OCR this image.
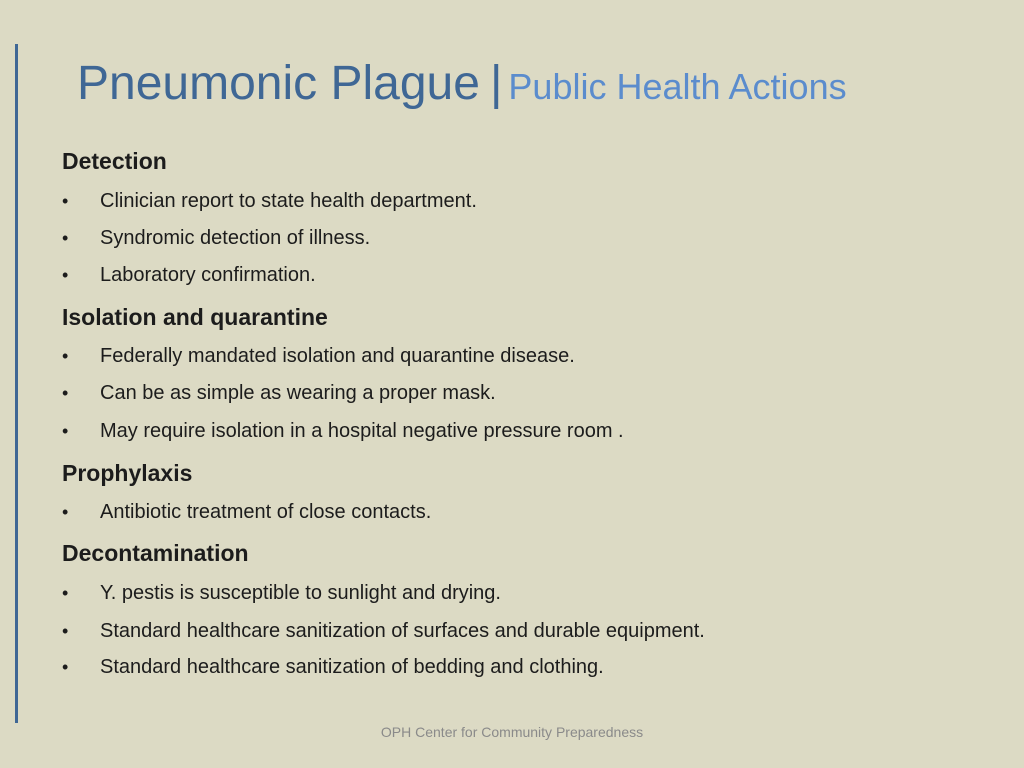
Pneumonic Plague | Public Health Actions
Detection
• Clinician report to state health department.
• Syndromic detection of illness.
• Laboratory confirmation.
Isolation and quarantine
• Federally mandated isolation and quarantine disease.
• Can be as simple as wearing a proper mask.
• May require isolation in a hospital negative pressure room .
Prophylaxis
• Antibiotic treatment of close contacts.
Decontamination
• Y. pestis is susceptible to sunlight and drying.
• Standard healthcare sanitization of surfaces and durable equipment.
• Standard healthcare sanitization of bedding and clothing.
OPH Center for Community Preparedness
